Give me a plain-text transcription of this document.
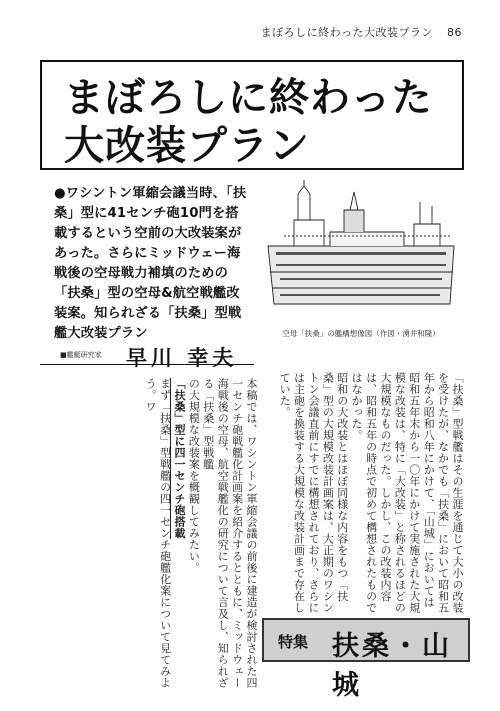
まぼろしに終わった大改装プラン 86
まぼろしに終わった
大改装プラン
●ワシントン軍縮会議当時、「扶桑」型に41センチ砲10門を搭載するという空前の大改装案があった。さらにミッドウェー海戦後の空母戦力補填のための「扶桑」型の空母&航空戦艦改装案。知られざる「扶桑」型戦艦大改装プラン	空母「扶桑」の艦構想像図（作図・湧井和隆）
■艦艇研究家 早川 幸夫

本稿では、ワシントン軍縮会議の前後に建造が検討された四一センチ砲戦艦化計画案を紹介するとともに、ミッドウェー海戦後の空母、航空戦艦化の研究について言及し、知られざる「扶桑」型戦艦

の大規模な改装案を概観してみたい。

「扶桑」型に四一センチ砲搭載

まず「扶桑」型戦艦の四一センチ砲艦化案について見てみよう。ワ	「扶桑」型戦艦はその生涯を通じて大小の改装を受けたが、なかでも「扶桑」において昭和五年から昭和八年にかけて、「山城」においては昭和五年末から一〇年にかけて実施された大規模な改装は、特に「大改装」と称されるほどの大規模なものだった。しかし、この改装内容は、昭和五年の時点で初めて構想されたものではなかった。

昭和の大改装とはほぼ同様な内容をもつ「扶桑」型の大規模改装計画案は、大正期のワシントン会議直前にすでに構想されており、さらには主砲を換装する大規模な改装計画まで存在していた。

特集 扶桑・山城
